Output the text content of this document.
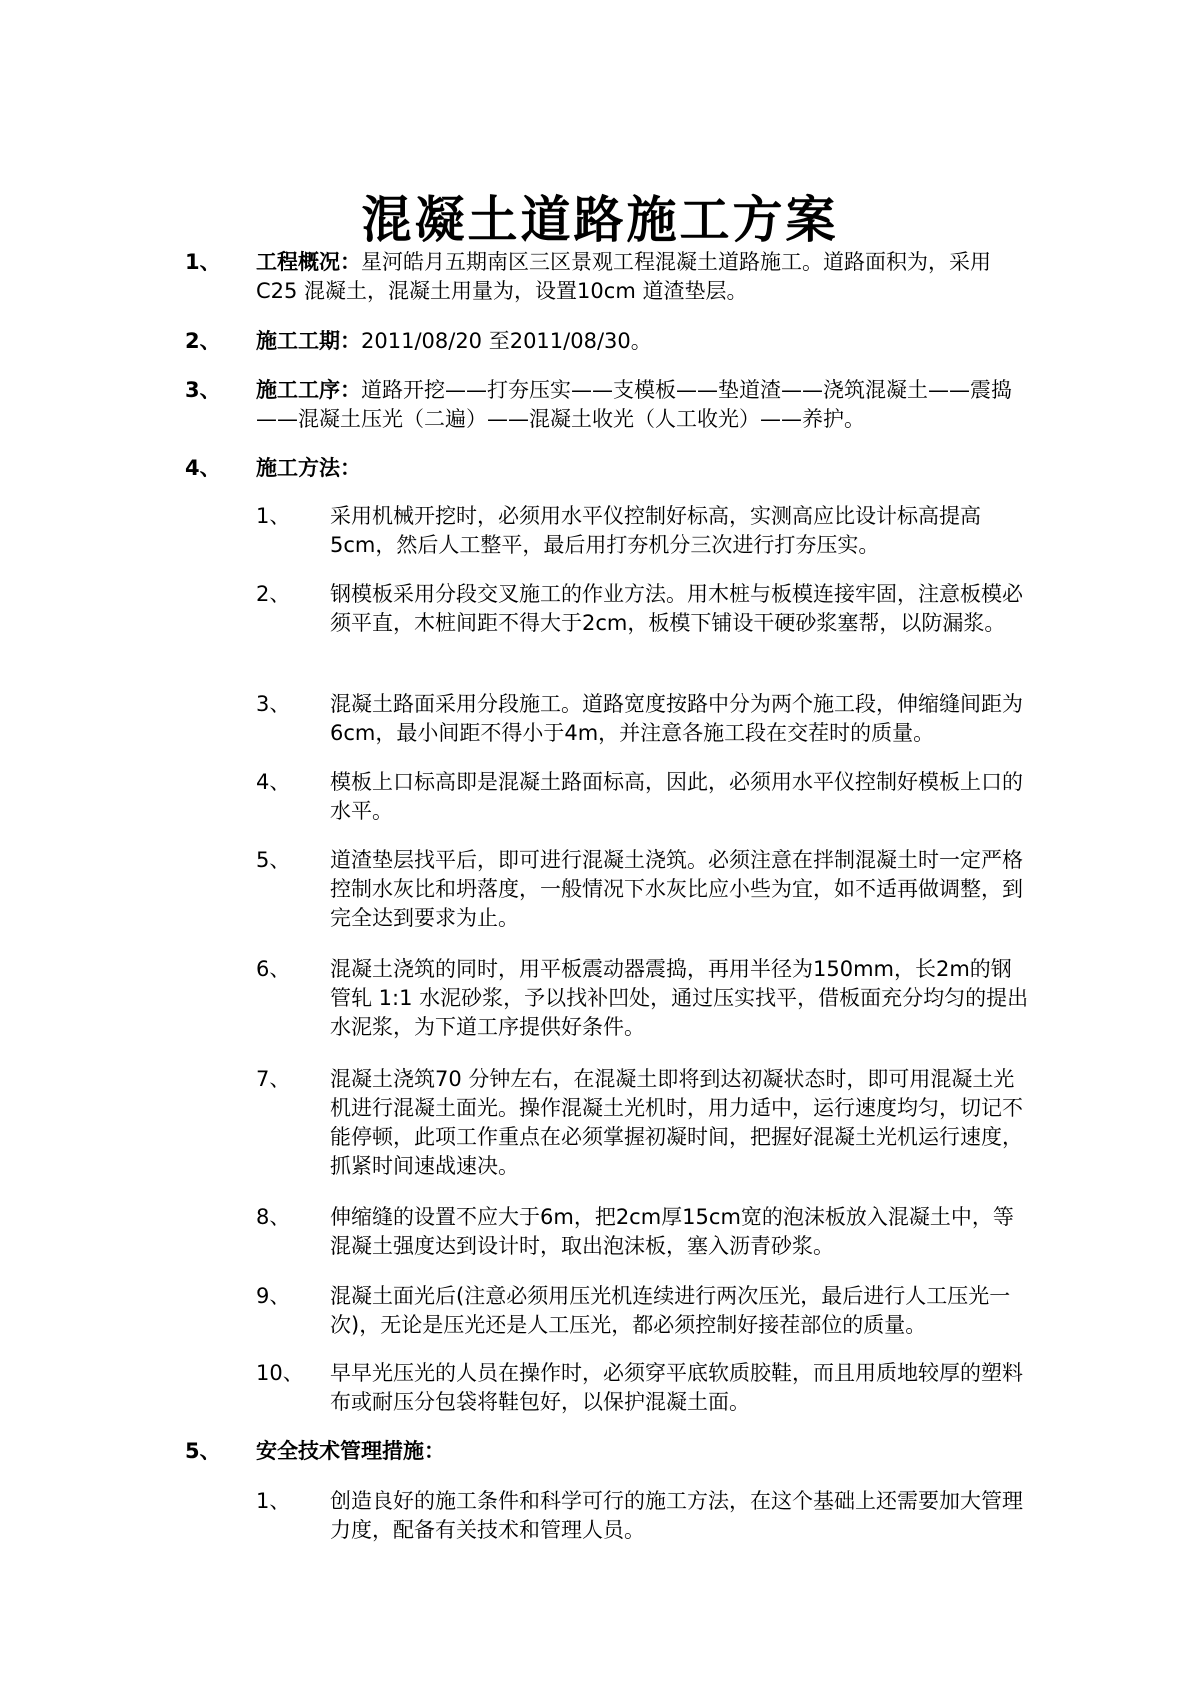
混凝土道路施工方案
1、 工程概况：星河皓月五期南区三区景观工程混凝土道路施工。道路面积为，采用C25 混凝土，混凝土用量为，设置10cm 道渣垫层。
2、 施工工期：2011/08/20 至2011/08/30。
3、 施工工序：道路开挖——打夯压实——支模板——垫道渣——浇筑混凝土——震捣——混凝土压光（二遍）——混凝土收光（人工收光）——养护。
4、 施工方法：
1、 采用机械开挖时，必须用水平仪控制好标高，实测高应比设计标高提高5cm，然后人工整平，最后用打夯机分三次进行打夯压实。
2、 钢模板采用分段交叉施工的作业方法。用木桩与板模连接牢固，注意板模必须平直，木桩间距不得大于2cm，板模下铺设干硬砂浆塞帮，以防漏浆。
3、 混凝土路面采用分段施工。道路宽度按路中分为两个施工段，伸缩缝间距为6cm，最小间距不得小于4m，并注意各施工段在交茬时的质量。
4、 模板上口标高即是混凝土路面标高，因此，必须用水平仪控制好模板上口的水平。
5、 道渣垫层找平后，即可进行混凝土浇筑。必须注意在拌制混凝土时一定严格控制水灰比和坍落度，一般情况下水灰比应小些为宜，如不适再做调整，到完全达到要求为止。
6、 混凝土浇筑的同时，用平板震动器震捣，再用半径为150mm，长2m的钢管轧 1:1 水泥砂浆，予以找补凹处，通过压实找平，借板面充分均匀的提出水泥浆，为下道工序提供好条件。
7、 混凝土浇筑70 分钟左右，在混凝土即将到达初凝状态时，即可用混凝土光机进行混凝土面光。操作混凝土光机时，用力适中，运行速度均匀，切记不能停顿，此项工作重点在必须掌握初凝时间，把握好混凝土光机运行速度，抓紧时间速战速决。
8、 伸缩缝的设置不应大于6m，把2cm厚15cm宽的泡沫板放入混凝土中，等混凝土强度达到设计时，取出泡沫板，塞入沥青砂浆。
9、 混凝土面光后(注意必须用压光机连续进行两次压光，最后进行人工压光一次)，无论是压光还是人工压光，都必须控制好接茬部位的质量。
10、 早早光压光的人员在操作时，必须穿平底软质胶鞋，而且用质地较厚的塑料布或耐压分包袋将鞋包好，以保护混凝土面。
5、 安全技术管理措施：
1、 创造良好的施工条件和科学可行的施工方法，在这个基础上还需要加大管理力度，配备有关技术和管理人员。
